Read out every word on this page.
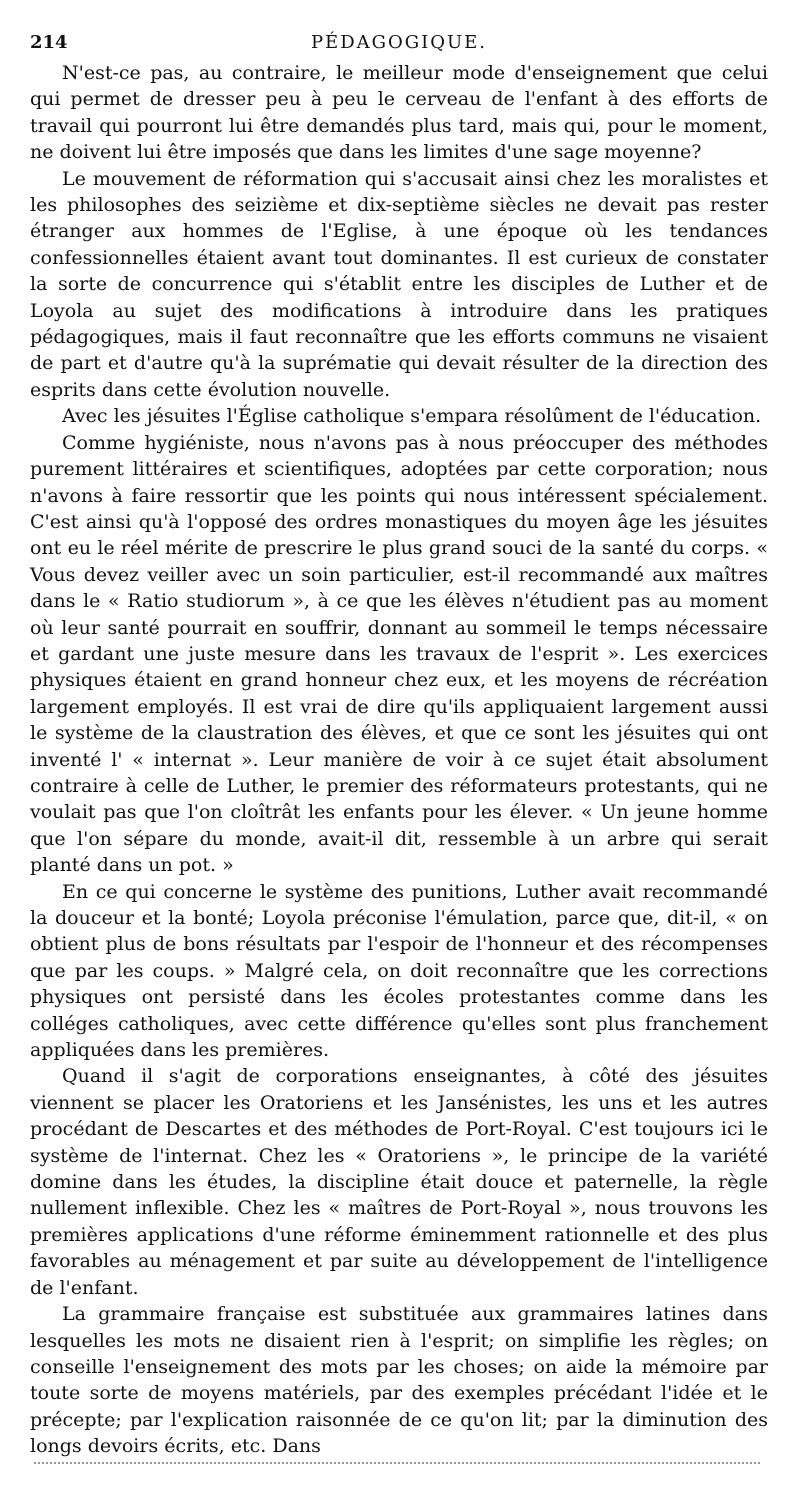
214	PÉDAGOGIQUE.

N'est-ce pas, au contraire, le meilleur mode d'enseignement que celui qui permet de dresser peu à peu le cerveau de l'enfant à des efforts de travail qui pourront lui être demandés plus tard, mais qui, pour le moment, ne doivent lui être imposés que dans les limites d'une sage moyenne?

Le mouvement de réformation qui s'accusait ainsi chez les moralistes et les philosophes des seizième et dix-septième siècles ne devait pas rester étranger aux hommes de l'Eglise, à une époque où les tendances confessionnelles étaient avant tout dominantes. Il est curieux de constater la sorte de concurrence qui s'établit entre les disciples de Luther et de Loyola au sujet des modifications à introduire dans les pratiques pédagogiques, mais il faut reconnaître que les efforts communs ne visaient de part et d'autre qu'à la suprématie qui devait résulter de la direction des esprits dans cette évolution nouvelle.

Avec les jésuites l'Église catholique s'empara résolûment de l'éducation.

Comme hygiéniste, nous n'avons pas à nous préoccuper des méthodes purement littéraires et scientifiques, adoptées par cette corporation; nous n'avons à faire ressortir que les points qui nous intéressent spécialement. C'est ainsi qu'à l'opposé des ordres monastiques du moyen âge les jésuites ont eu le réel mérite de prescrire le plus grand souci de la santé du corps. « Vous devez veiller avec un soin particulier, est-il recommandé aux maîtres dans le « Ratio studiorum », à ce que les élèves n'étudient pas au moment où leur santé pourrait en souffrir, donnant au sommeil le temps nécessaire et gardant une juste mesure dans les travaux de l'esprit ». Les exercices physiques étaient en grand honneur chez eux, et les moyens de récréation largement employés. Il est vrai de dire qu'ils appliquaient largement aussi le système de la claustration des élèves, et que ce sont les jésuites qui ont inventé l' « internat ». Leur manière de voir à ce sujet était absolument contraire à celle de Luther, le premier des réformateurs protestants, qui ne voulait pas que l'on cloîtrât les enfants pour les élever. « Un jeune homme que l'on sépare du monde, avait-il dit, ressemble à un arbre qui serait planté dans un pot. »

En ce qui concerne le système des punitions, Luther avait recommandé la douceur et la bonté; Loyola préconise l'émulation, parce que, dit-il, « on obtient plus de bons résultats par l'espoir de l'honneur et des récompenses que par les coups. » Malgré cela, on doit reconnaître que les corrections physiques ont persisté dans les écoles protestantes comme dans les colléges catholiques, avec cette différence qu'elles sont plus franchement appliquées dans les premières.

Quand il s'agit de corporations enseignantes, à côté des jésuites viennent se placer les Oratoriens et les Jansénistes, les uns et les autres procédant de Descartes et des méthodes de Port-Royal. C'est toujours ici le système de l'internat. Chez les « Oratoriens », le principe de la variété domine dans les études, la discipline était douce et paternelle, la règle nullement inflexible. Chez les « maîtres de Port-Royal », nous trouvons les premières applications d'une réforme éminemment rationnelle et des plus favorables au ménagement et par suite au développement de l'intelligence de l'enfant.

La grammaire française est substituée aux grammaires latines dans lesquelles les mots ne disaient rien à l'esprit; on simplifie les règles; on conseille l'enseignement des mots par les choses; on aide la mémoire par toute sorte de moyens matériels, par des exemples précédant l'idée et le précepte; par l'explication raisonnée de ce qu'on lit; par la diminution des longs devoirs écrits, etc. Dans
